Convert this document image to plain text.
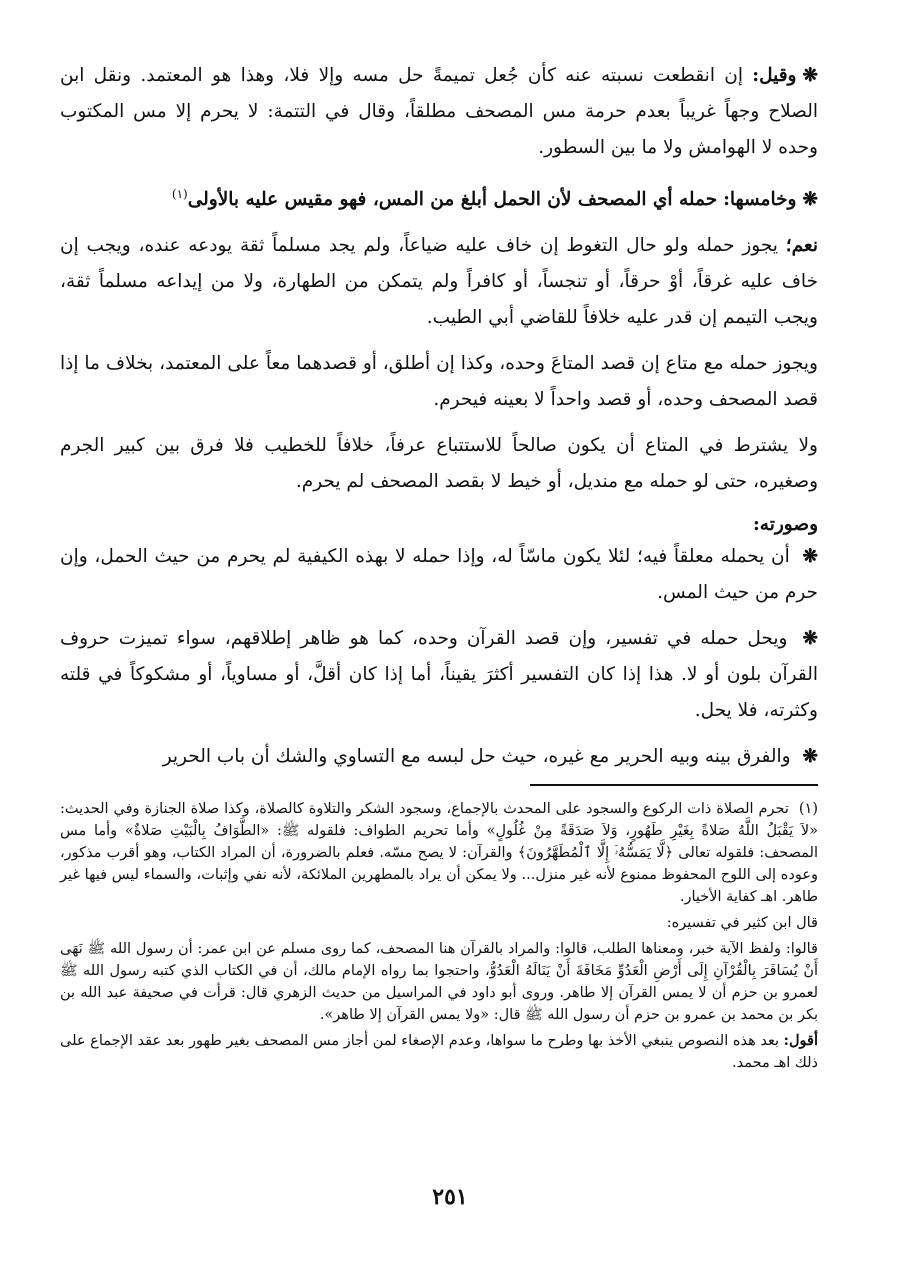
❋وقيل: إن انقطعت نسبته عنه كأن جُعل تميمةً حل مسه وإلا فلا، وهذا هو المعتمد. ونقل ابن الصلاح وجهاً غريباً بعدم حرمة مس المصحف مطلقاً، وقال في التتمة: لا يحرم إلا مس المكتوب وحده لا الهوامش ولا ما بين السطور.

❋وخامسها: حمله أي المصحف لأن الحمل أبلغ من المس، فهو مقيس عليه بالأولى$^{(١)}$

نعم؛ يجوز حمله ولو حال التغوط إن خاف عليه ضياعاً، ولم يجد مسلماً ثقة يودعه عنده، ويجب إن خاف عليه غرقاً، أوْ حرقاً، أو تنجساً، أو كافراً ولم يتمكن من الطهارة، ولا من إيداعه مسلماً ثقة، ويجب التيمم إن قدر عليه خلافاً للقاضي أبي الطيب.

ويجوز حمله مع متاع إن قصد المتاعَ وحده، وكذا إن أطلق، أو قصدهما معاً على المعتمد، بخلاف ما إذا قصد المصحف وحده، أو قصد واحداً لا بعينه فيحرم.

ولا يشترط في المتاع أن يكون صالحاً للاستتباع عرفاً، خلافاً للخطيب فلا فرق بين كبير الجرم وصغيره، حتى لو حمله مع منديل، أو خيط لا بقصد المصحف لم يحرم.

وصورته:

❋ أن يحمله معلقاً فيه؛ لئلا يكون ماسّاً له، وإذا حمله لا بهذه الكيفية لم يحرم من حيث الحمل، وإن حرم من حيث المس.

❋ ويحل حمله في تفسير، وإن قصد القرآن وحده، كما هو ظاهر إطلاقهم، سواء تميزت حروف القرآن بلون أو لا. هذا إذا كان التفسير أكثرَ يقيناً، أما إذا كان أقلَّ، أو مساوياً، أو مشكوكاً في قلته وكثرته، فلا يحل.

❋ والفرق بينه وبيه الحرير مع غيره، حيث حل لبسه مع التساوي والشك أن باب الحرير

(١)تحرم الصلاة ذات الركوع والسجود على المحدث بالإجماع، وسجود الشكر والتلاوة كالصلاة، وكذا صلاة الجنازة وفي الحديث: «لاَ يَقْبَلُ اللَّهُ صَلاةً بِغَيْرِ طَهُورٍ، وَلاَ صَدَقَةً مِنْ غُلُولٍ» وأما تحريم الطواف: فلقوله ﷺ: «الطَّوَافُ بِالْبَيْتِ صَلاةٌ» وأما مس المصحف: فلقوله تعالى ﴿لَّا يَمَسُّهُۥٓ إِلَّا ٱلْمُطَهَّرُونَ﴾ والقرآن: لا يصح مسّه. فعلم بالضرورة، أن المراد الكتاب، وهو أقرب مذكور، وعوده إلى اللوح المحفوظ ممنوع لأنه غير منزل... ولا يمكن أن يراد بالمطهرين الملائكة، لأنه نفي وإثبات، والسماء ليس فيها غير طاهر. اهـ كفاية الأخيار.

قال ابن كثير في تفسيره:

قالوا: ولفظ الآية خبر، ومعناها الطلب، قالوا: والمراد بالقرآن هنا المصحف، كما روى مسلم عن ابن عمر: أن رسول الله ﷺ نَهَى أَنْ يُسَافَرَ بِالْقُرْآنِ إِلَى أَرْضِ الْعَدُوِّ مَخَافَةَ أَنْ يَنَالَهُ الْعَدُوُّ، واحتجوا بما رواه الإمام مالك، أن في الكتاب الذي كتبه رسول الله ﷺ لعمرو بن حزم أن لا يمس القرآن إلا طاهر. وروى أبو داود في المراسيل من حديث الزهري قال: قرأت في صحيفة عبد الله بن بكر بن محمد بن عمرو بن حزم أن رسول الله ﷺ قال: «ولا يمس القرآن إلا طاهر».

أقول: بعد هذه النصوص ينبغي الأخذ بها وطرح ما سواها، وعدم الإصغاء لمن أجاز مس المصحف بغير طهور بعد عقد الإجماع على ذلك اهـ محمد.

٢٥١
